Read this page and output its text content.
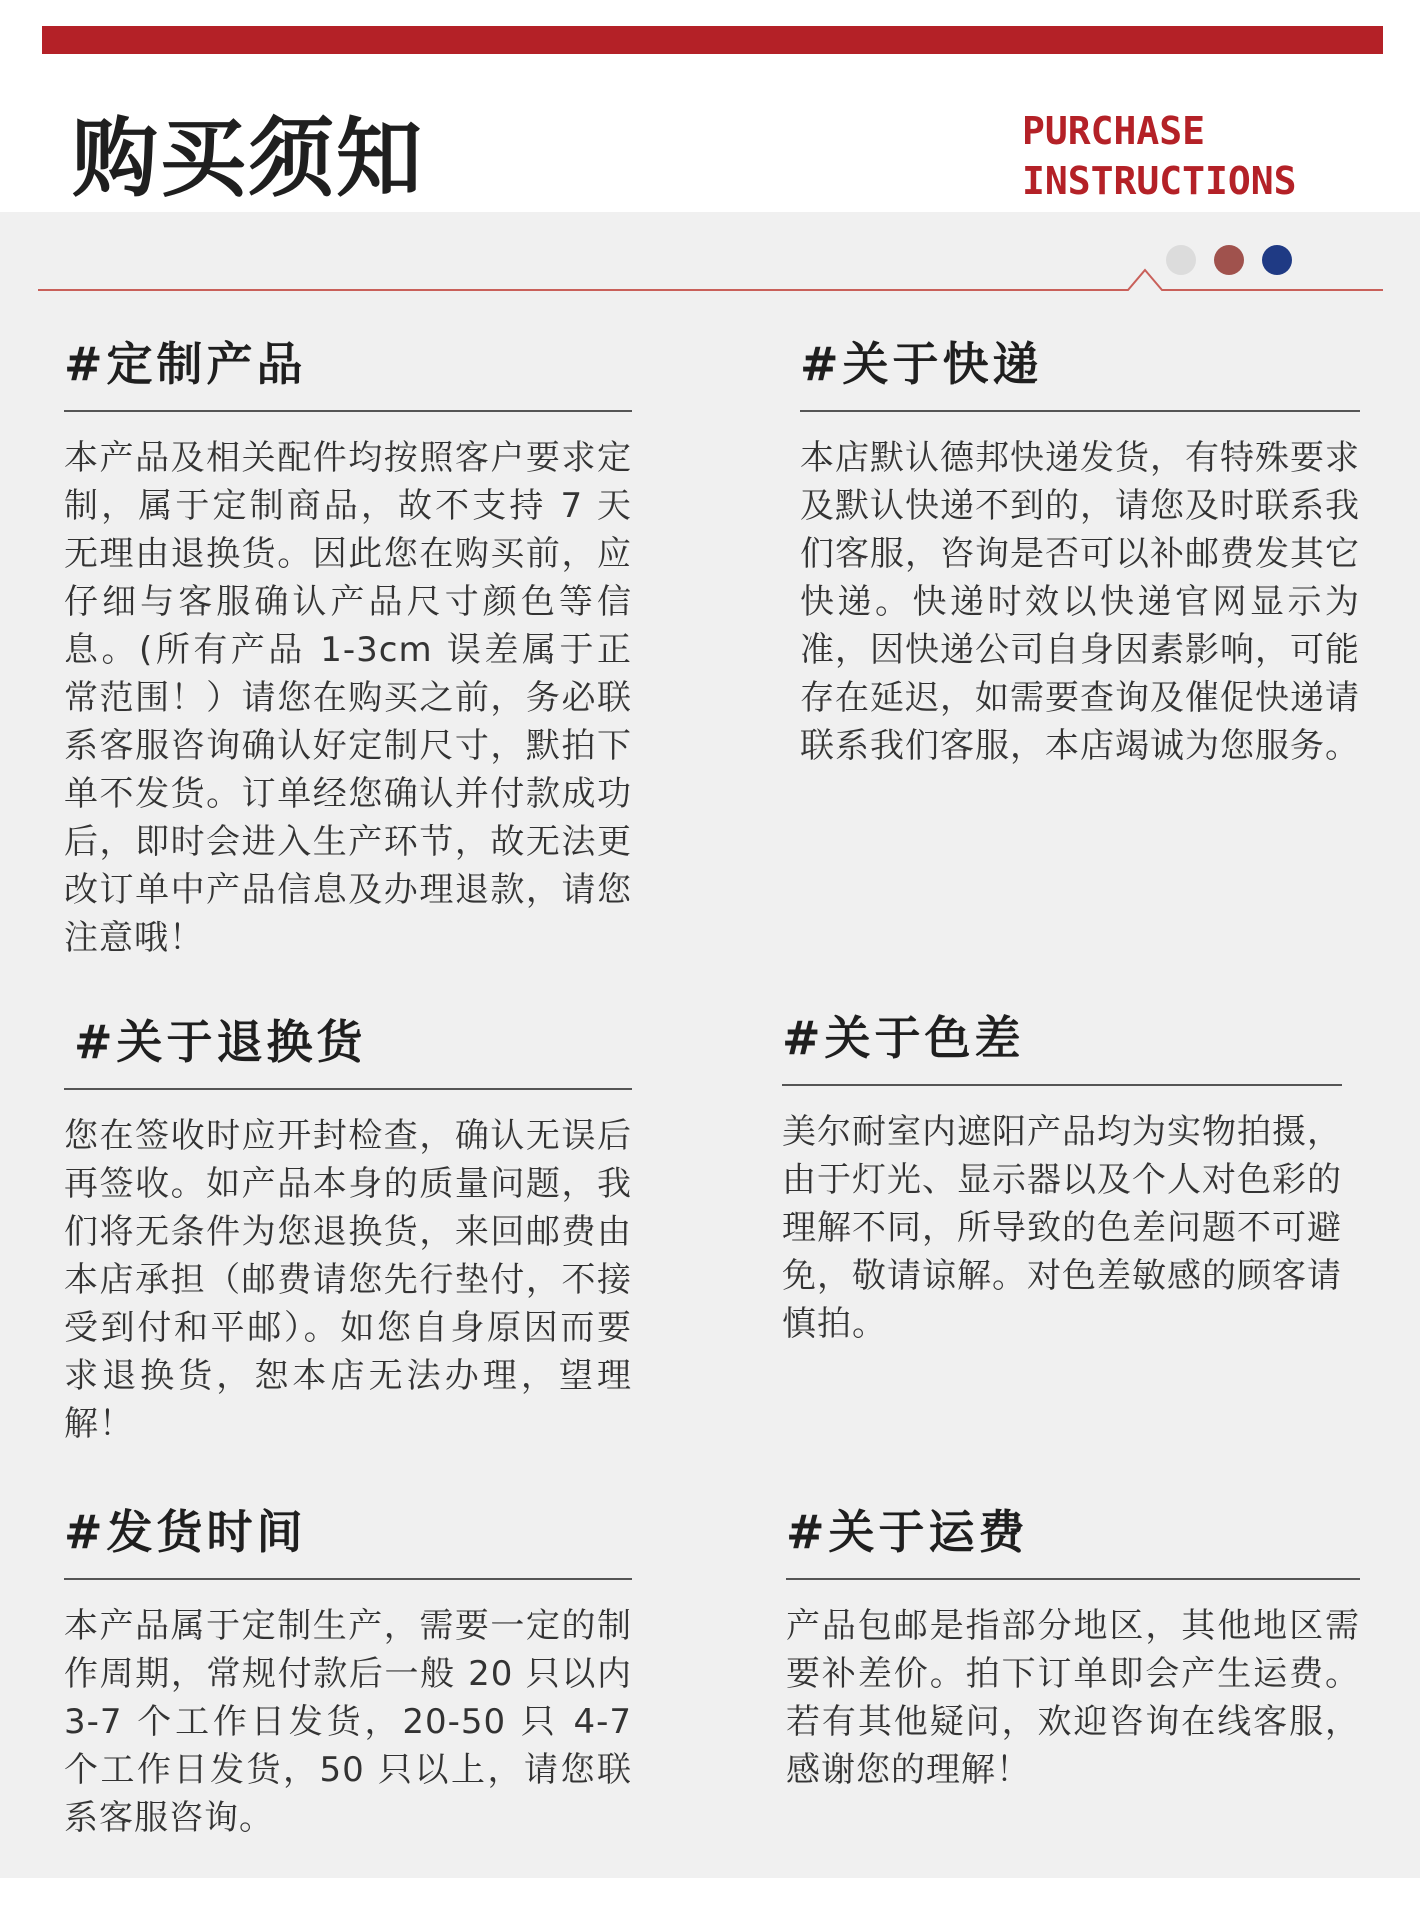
购买须知	PURCHASE
INSTRUCTIONS
#定制产品
本产品及相关配件均按照客户要求定制，属于定制商品，故不支持 7 天无理由退换货。因此您在购买前，应仔细与客服确认产品尺寸颜色等信息。(所有产品 1-3cm 误差属于正常范围！）请您在购买之前，务必联系客服咨询确认好定制尺寸，默拍下单不发货。订单经您确认并付款成功后，即时会进入生产环节，故无法更改订单中产品信息及办理退款，请您注意哦！
#关于快递
本店默认德邦快递发货，有特殊要求及默认快递不到的，请您及时联系我们客服，咨询是否可以补邮费发其它快递。快递时效以快递官网显示为准，因快递公司自身因素影响，可能存在延迟，如需要查询及催促快递请联系我们客服，本店竭诚为您服务。
#关于退换货
您在签收时应开封检查，确认无误后再签收。如产品本身的质量问题，我们将无条件为您退换货，来回邮费由本店承担（邮费请您先行垫付，不接受到付和平邮）。如您自身原因而要求退换货，恕本店无法办理，望理解！
#关于色差
美尔耐室内遮阳产品均为实物拍摄，由于灯光、显示器以及个人对色彩的理解不同，所导致的色差问题不可避免，敬请谅解。对色差敏感的顾客请慎拍。
#发货时间
本产品属于定制生产，需要一定的制作周期，常规付款后一般 20 只以内 3-7 个工作日发货，20-50 只 4-7 个工作日发货，50 只以上，请您联系客服咨询。
#关于运费
产品包邮是指部分地区，其他地区需要补差价。拍下订单即会产生运费。若有其他疑问，欢迎咨询在线客服，感谢您的理解！
